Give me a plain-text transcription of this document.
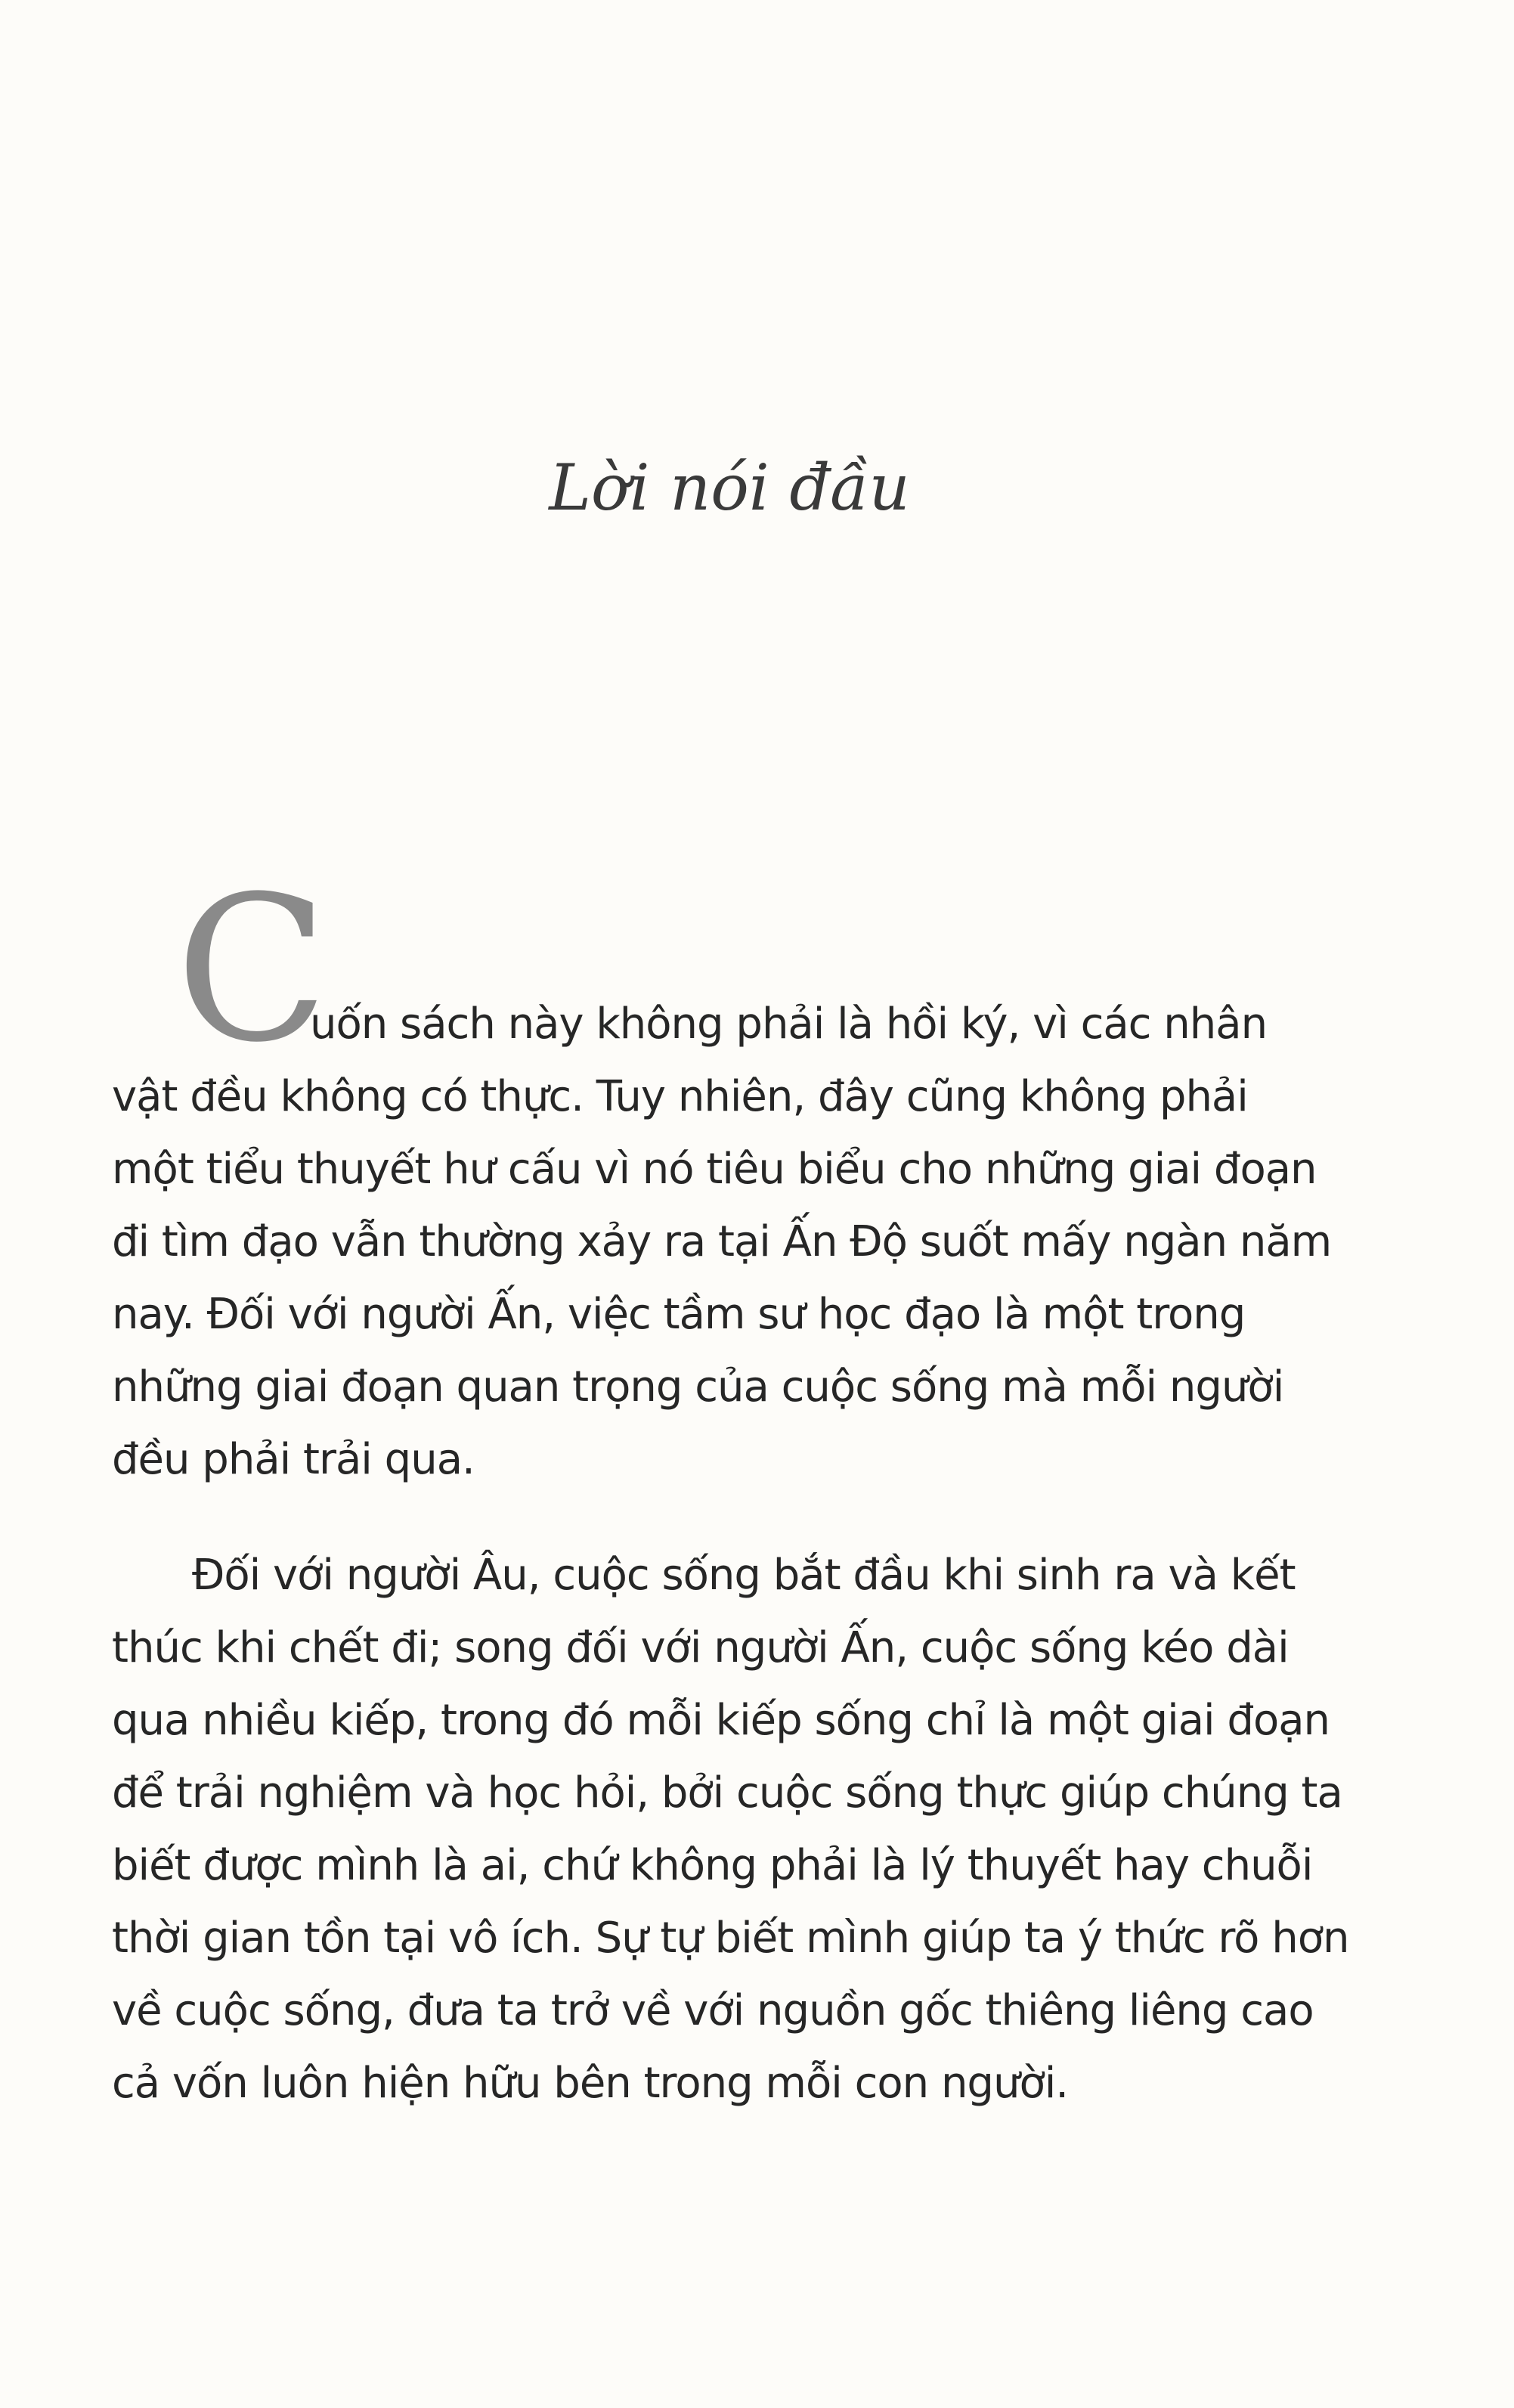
Lời nói đầu
C
uốn sách này không phải là hồi ký, vì các nhân
vật đều không có thực. Tuy nhiên, đây cũng không phải
một tiểu thuyết hư cấu vì nó tiêu biểu cho những giai đoạn
đi tìm đạo vẫn thường xảy ra tại Ấn Độ suốt mấy ngàn năm
nay. Đối với người Ấn, việc tầm sư học đạo là một trong
những giai đoạn quan trọng của cuộc sống mà mỗi người
đều phải trải qua.
Đối với người Âu, cuộc sống bắt đầu khi sinh ra và kết
thúc khi chết đi; song đối với người Ấn, cuộc sống kéo dài
qua nhiều kiếp, trong đó mỗi kiếp sống chỉ là một giai đoạn
để trải nghiệm và học hỏi, bởi cuộc sống thực giúp chúng ta
biết được mình là ai, chứ không phải là lý thuyết hay chuỗi
thời gian tồn tại vô ích. Sự tự biết mình giúp ta ý thức rõ hơn
về cuộc sống, đưa ta trở về với nguồn gốc thiêng liêng cao
cả vốn luôn hiện hữu bên trong mỗi con người.
